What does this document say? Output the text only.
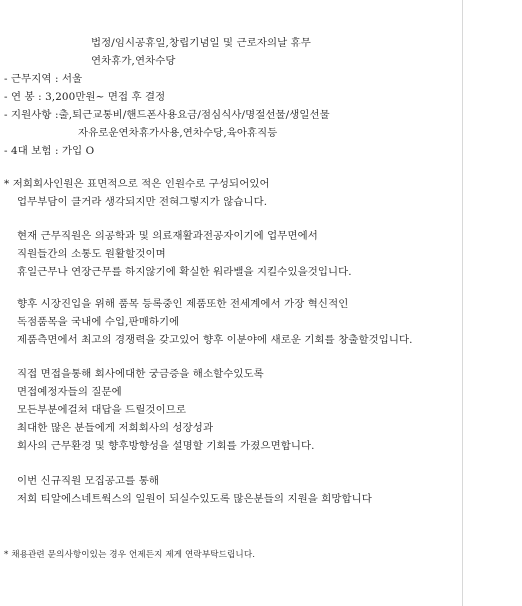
법정/임시공휴일,창립기념일 및 근로자의날 휴무
연차휴가,연차수당
- 근무지역 : 서울
- 연 봉 : 3,200만원~ 면접 후 결정
- 지원사항 :출,퇴근교통비/핸드폰사용요금/점심식사/명절선물/생일선물
자유로운연차휴가사용,연차수당,육아휴직등
- 4대 보험 : 가입 O
* 저희회사인원은 표면적으로 적은 인원수로 구성되어있어
업무부담이 클거라 생각되지만 전혀그렇지가 않습니다.
현재 근무직원은 의공학과 및 의료재활과전공자이기에 업무면에서
직원들간의 소통도 원활할것이며
휴일근무나 연장근무를 하지않기에 확실한 워라밸을 지킬수있을것입니다.
향후 시장진입을 위해 품목 등록중인 제품또한 전세계에서 가장 혁신적인
독점품목을 국내에 수입,판매하기에
제품측면에서 최고의 경쟁력을 갖고있어 향후 이분야에 새로운 기회를 창출할것입니다.
직접 면접을통해 회사에대한 궁금증을 해소할수있도록
면접예정자들의 질문에
모든부분에걸쳐 대답을 드릴것이므로
최대한 많은 분들에게 저희회사의 성장성과
회사의 근무환경 및 향후방향성을 설명할 기회를 가졌으면합니다.
이번 신규직원 모집공고를 통해
저희 티알에스네트웍스의 일원이 되실수있도록 많은분들의 지원을 희망합니다
* 채용관련 문의사항이있는 경우 언제든지 제게 연락부탁드립니다.
